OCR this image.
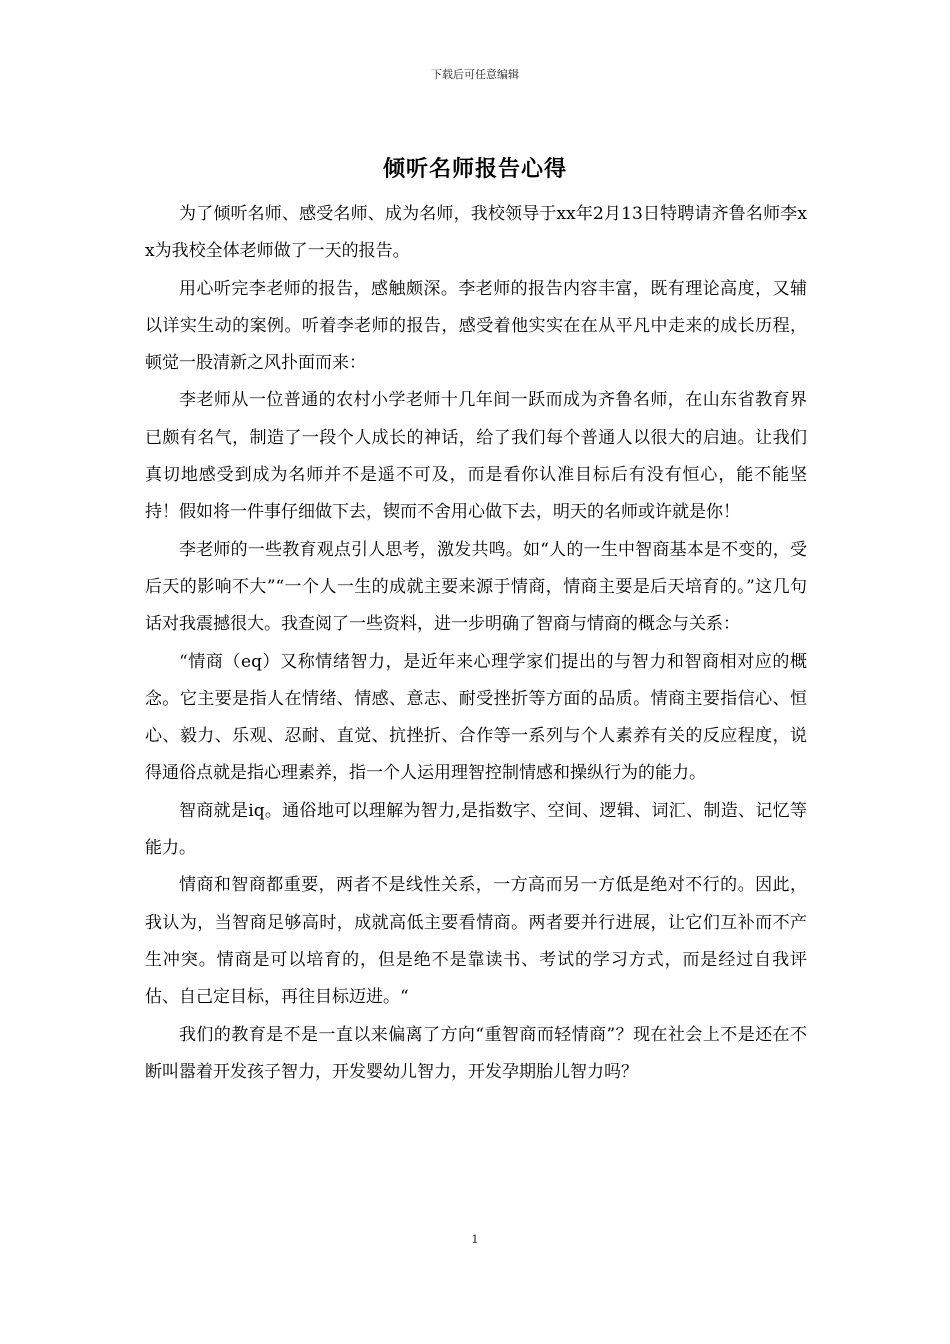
下载后可任意编辑
倾听名师报告心得

为了倾听名师、感受名师、成为名师，我校领导于xx年2月13日特聘请齐鲁名师李xx为我校全体老师做了一天的报告。

用心听完李老师的报告，感触颇深。李老师的报告内容丰富，既有理论高度，又辅以详实生动的案例。听着李老师的报告，感受着他实实在在从平凡中走来的成长历程，顿觉一股清新之风扑面而来：

李老师从一位普通的农村小学老师十几年间一跃而成为齐鲁名师，在山东省教育界已颇有名气，制造了一段个人成长的神话，给了我们每个普通人以很大的启迪。让我们真切地感受到成为名师并不是遥不可及，而是看你认准目标后有没有恒心，能不能坚持！假如将一件事仔细做下去，锲而不舍用心做下去，明天的名师或许就是你！

李老师的一些教育观点引人思考，激发共鸣。如“人的一生中智商基本是不变的，受后天的影响不大”“一个人一生的成就主要来源于情商，情商主要是后天培育的。”这几句话对我震撼很大。我查阅了一些资料，进一步明确了智商与情商的概念与关系：

“情商（eq）又称情绪智力，是近年来心理学家们提出的与智力和智商相对应的概念。它主要是指人在情绪、情感、意志、耐受挫折等方面的品质。情商主要指信心、恒心、毅力、乐观、忍耐、直觉、抗挫折、合作等一系列与个人素养有关的反应程度，说得通俗点就是指心理素养，指一个人运用理智控制情感和操纵行为的能力。

智商就是iq。通俗地可以理解为智力,是指数字、空间、逻辑、词汇、制造、记忆等能力。

情商和智商都重要，两者不是线性关系，一方高而另一方低是绝对不行的。因此，我认为，当智商足够高时，成就高低主要看情商。两者要并行进展，让它们互补而不产生冲突。情商是可以培育的，但是绝不是靠读书、考试的学习方式，而是经过自我评估、自己定目标，再往目标迈进。“

我们的教育是不是一直以来偏离了方向“重智商而轻情商”？现在社会上不是还在不断叫嚣着开发孩子智力，开发婴幼儿智力，开发孕期胎儿智力吗？

1
